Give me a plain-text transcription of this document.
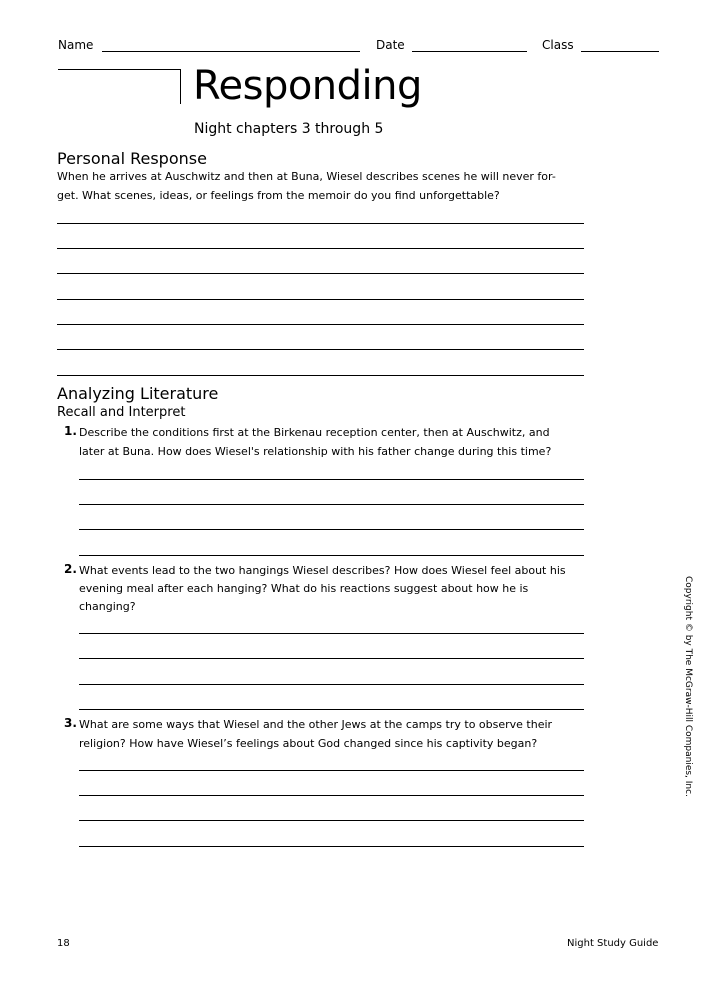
Name	Date	Class
Responding
Night chapters 3 through 5
Personal Response
When he arrives at Auschwitz and then at Buna, Wiesel describes scenes he will never for-
get. What scenes, ideas, or feelings from the memoir do you find unforgettable?
Analyzing Literature
Recall and Interpret
1. Describe the conditions first at the Birkenau reception center, then at Auschwitz, and
later at Buna. How does Wiesel's relationship with his father change during this time?
2. What events lead to the two hangings Wiesel describes? How does Wiesel feel about his
evening meal after each hanging? What do his reactions suggest about how he is
changing?
3. What are some ways that Wiesel and the other Jews at the camps try to observe their
religion? How have Wiesel’s feelings about God changed since his captivity began?	Copyright © by The McGraw-Hill Companies, Inc.
18	Night Study Guide
